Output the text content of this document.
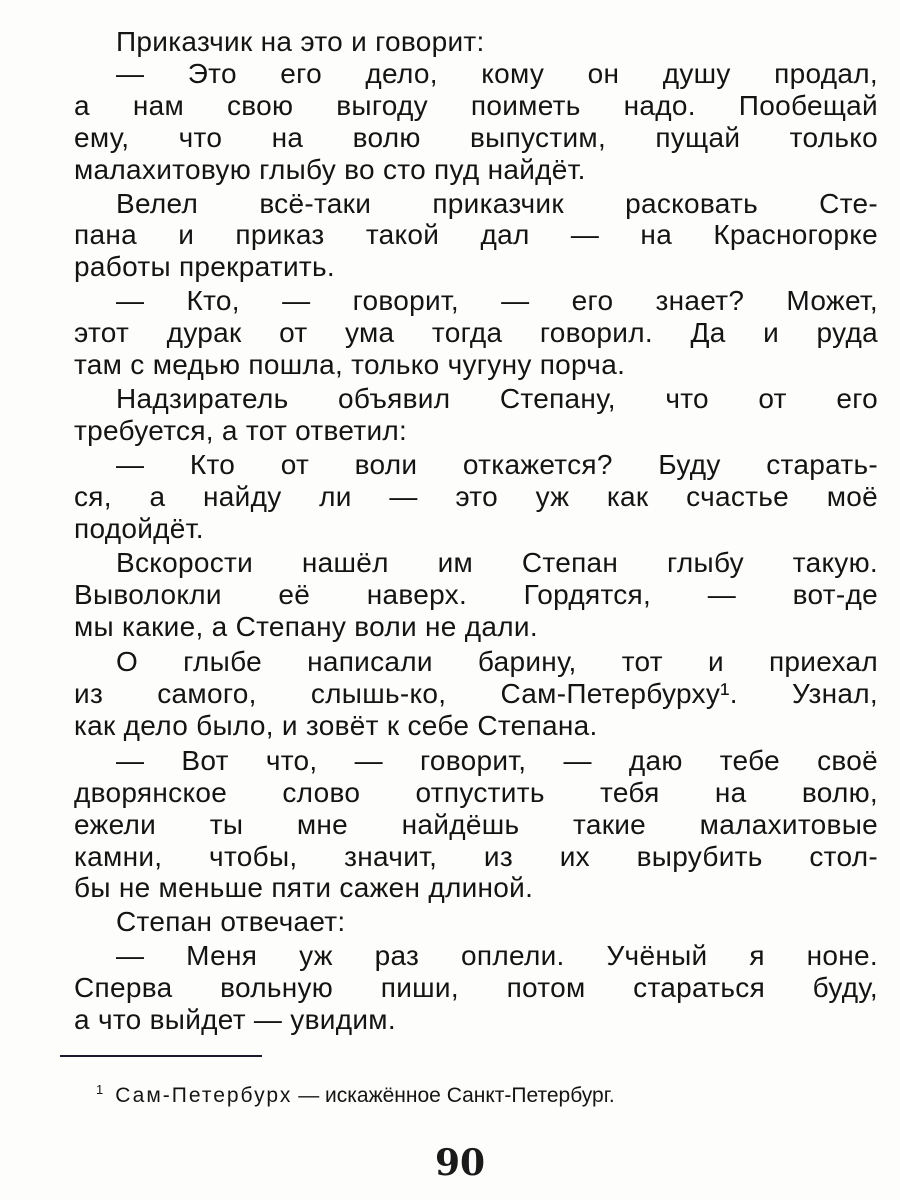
Приказчик на это и говорит:
— Это его дело, кому он душу продал,
а нам свою выгоду поиметь надо. Пообещай
ему, что на волю выпустим, пущай только
малахитовую глыбу во сто пуд найдёт.
Велел всё-таки приказчик расковать Сте-
пана и приказ такой дал — на Красногорке
работы прекратить.
— Кто, — говорит, — его знает? Может,
этот дурак от ума тогда говорил. Да и руда
там с медью пошла, только чугуну порча.
Надзиратель объявил Степану, что от его
требуется, а тот ответил:
— Кто от воли откажется? Буду старать-
ся, а найду ли — это уж как счастье моё
подойдёт.
Вскорости нашёл им Степан глыбу такую.
Выволокли её наверх. Гордятся, — вот-де
мы какие, а Степану воли не дали.
О глыбе написали барину, тот и приехал
из самого, слышь-ко, Сам-Петербурху¹. Узнал,
как дело было, и зовёт к себе Степана.
— Вот что, — говорит, — даю тебе своё
дворянское слово отпустить тебя на волю,
ежели ты мне найдёшь такие малахитовые
камни, чтобы, значит, из их вырубить стол-
бы не меньше пяти сажен длиной.
Степан отвечает:
— Меня уж раз оплели. Учёный я ноне.
Сперва вольную пиши, потом стараться буду,
а что выйдет — увидим.
$^1$ Сам-Петербурх — искажённое Санкт-Петербург.
90
